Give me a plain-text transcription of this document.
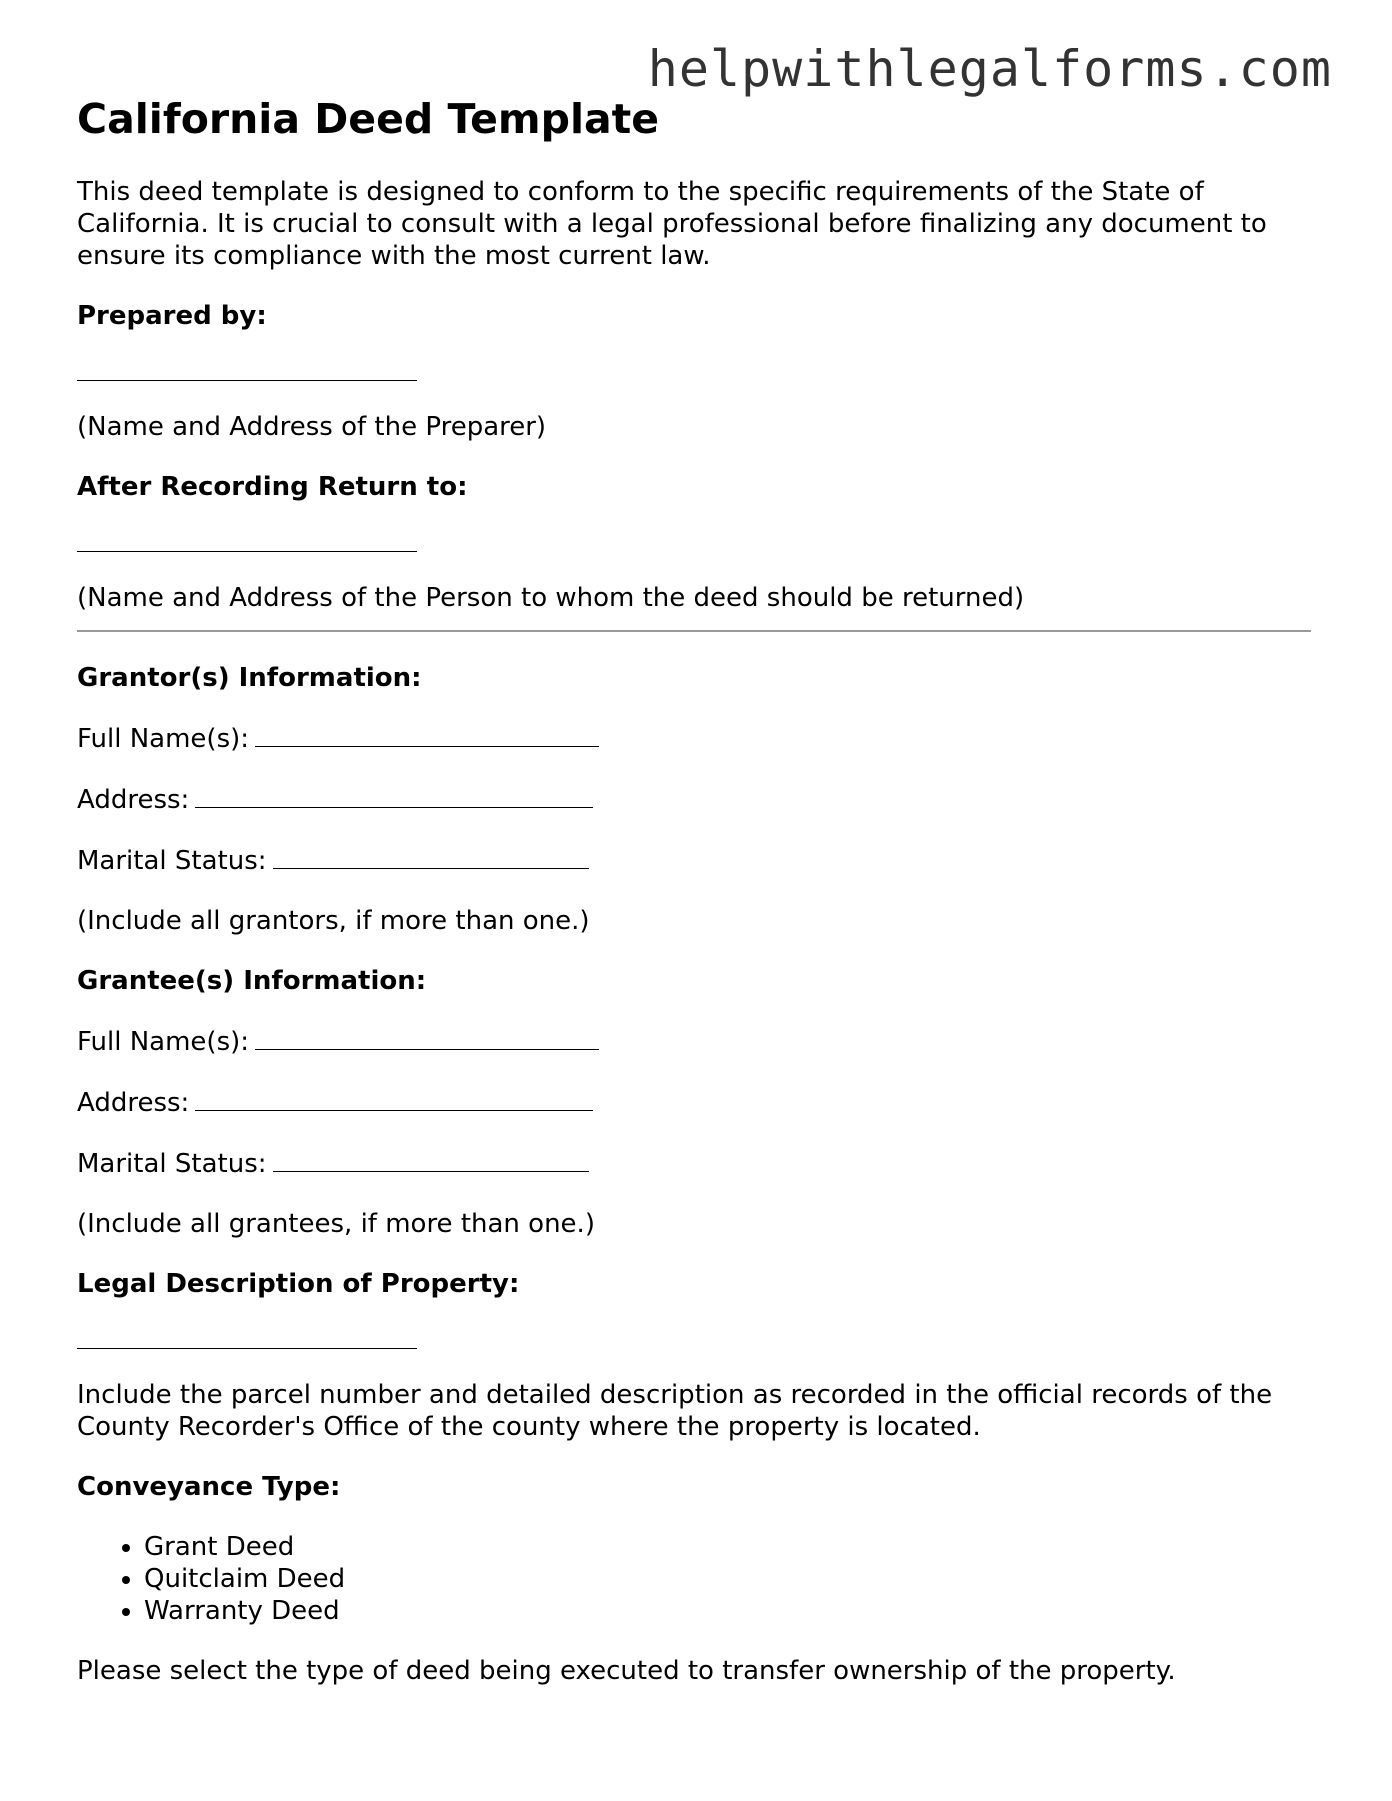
helpwithlegalforms.com
California Deed Template

This deed template is designed to conform to the specific requirements of the State of California. It is crucial to consult with a legal professional before finalizing any document to ensure its compliance with the most current law.

Prepared by:

(Name and Address of the Preparer)

After Recording Return to:

(Name and Address of the Person to whom the deed should be returned)

Grantor(s) Information:

Full Name(s):

Address:

Marital Status:

(Include all grantors, if more than one.)

Grantee(s) Information:

Full Name(s):

Address:

Marital Status:

(Include all grantees, if more than one.)

Legal Description of Property:

Include the parcel number and detailed description as recorded in the official records of the County Recorder's Office of the county where the property is located.

Conveyance Type:

• Grant Deed
• Quitclaim Deed
• Warranty Deed

Please select the type of deed being executed to transfer ownership of the property.
